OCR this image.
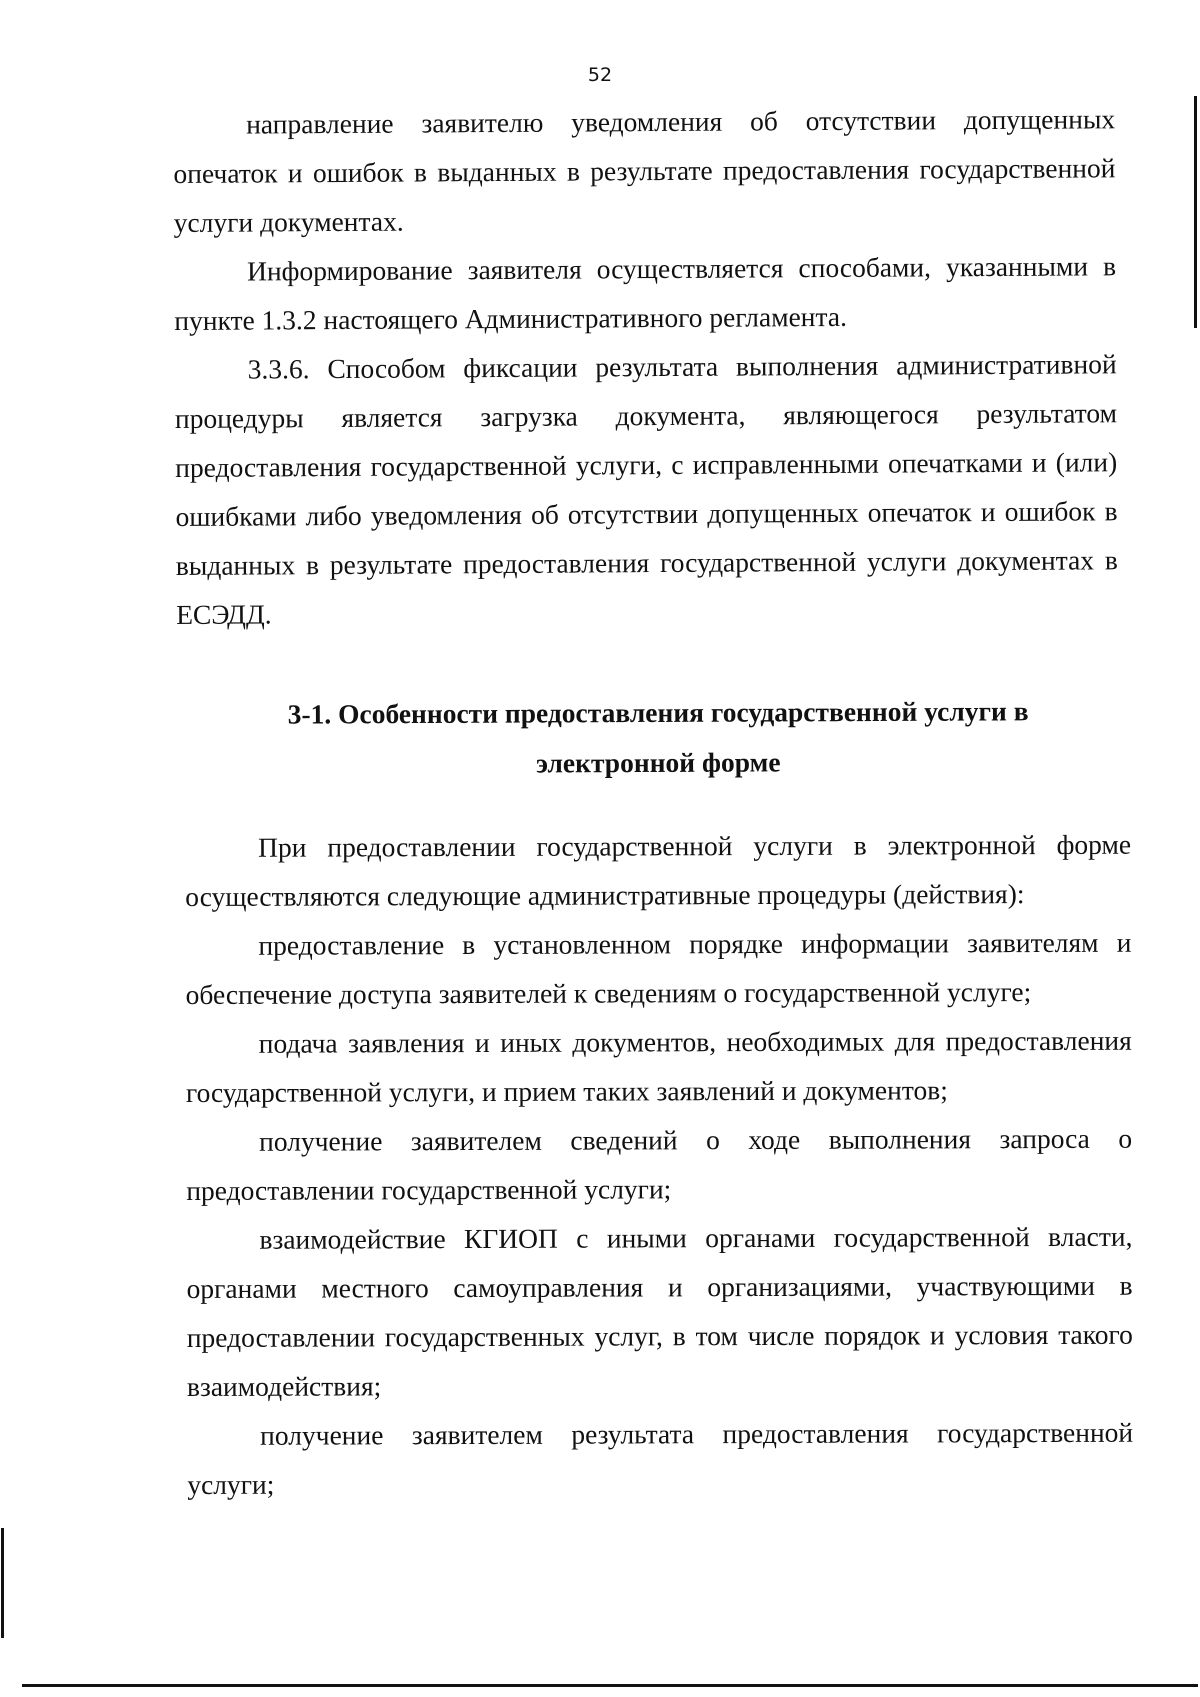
52

направление заявителю уведомления об отсутствии допущенных опечаток и ошибок в выданных в результате предоставления государственной услуги документах.

Информирование заявителя осуществляется способами, указанными в пункте 1.3.2 настоящего Административного регламента.

3.3.6. Способом фиксации результата выполнения административной процедуры является загрузка документа, являющегося результатом предоставления государственной услуги, с исправленными опечатками и (или) ошибками либо уведомления об отсутствии допущенных опечаток и ошибок в выданных в результате предоставления государственной услуги документах в ЕСЭДД.

3-1. Особенности предоставления государственной услуги в
электронной форме

При предоставлении государственной услуги в электронной форме осуществляются следующие административные процедуры (действия):

предоставление в установленном порядке информации заявителям и обеспечение доступа заявителей к сведениям о государственной услуге;

подача заявления и иных документов, необходимых для предоставления государственной услуги, и прием таких заявлений и документов;

получение заявителем сведений о ходе выполнения запроса о предоставлении государственной услуги;

взаимодействие КГИОП с иными органами государственной власти, органами местного самоуправления и организациями, участвующими в предоставлении государственных услуг, в том числе порядок и условия такого взаимодействия;

получение заявителем результата предоставления государственной услуги;
